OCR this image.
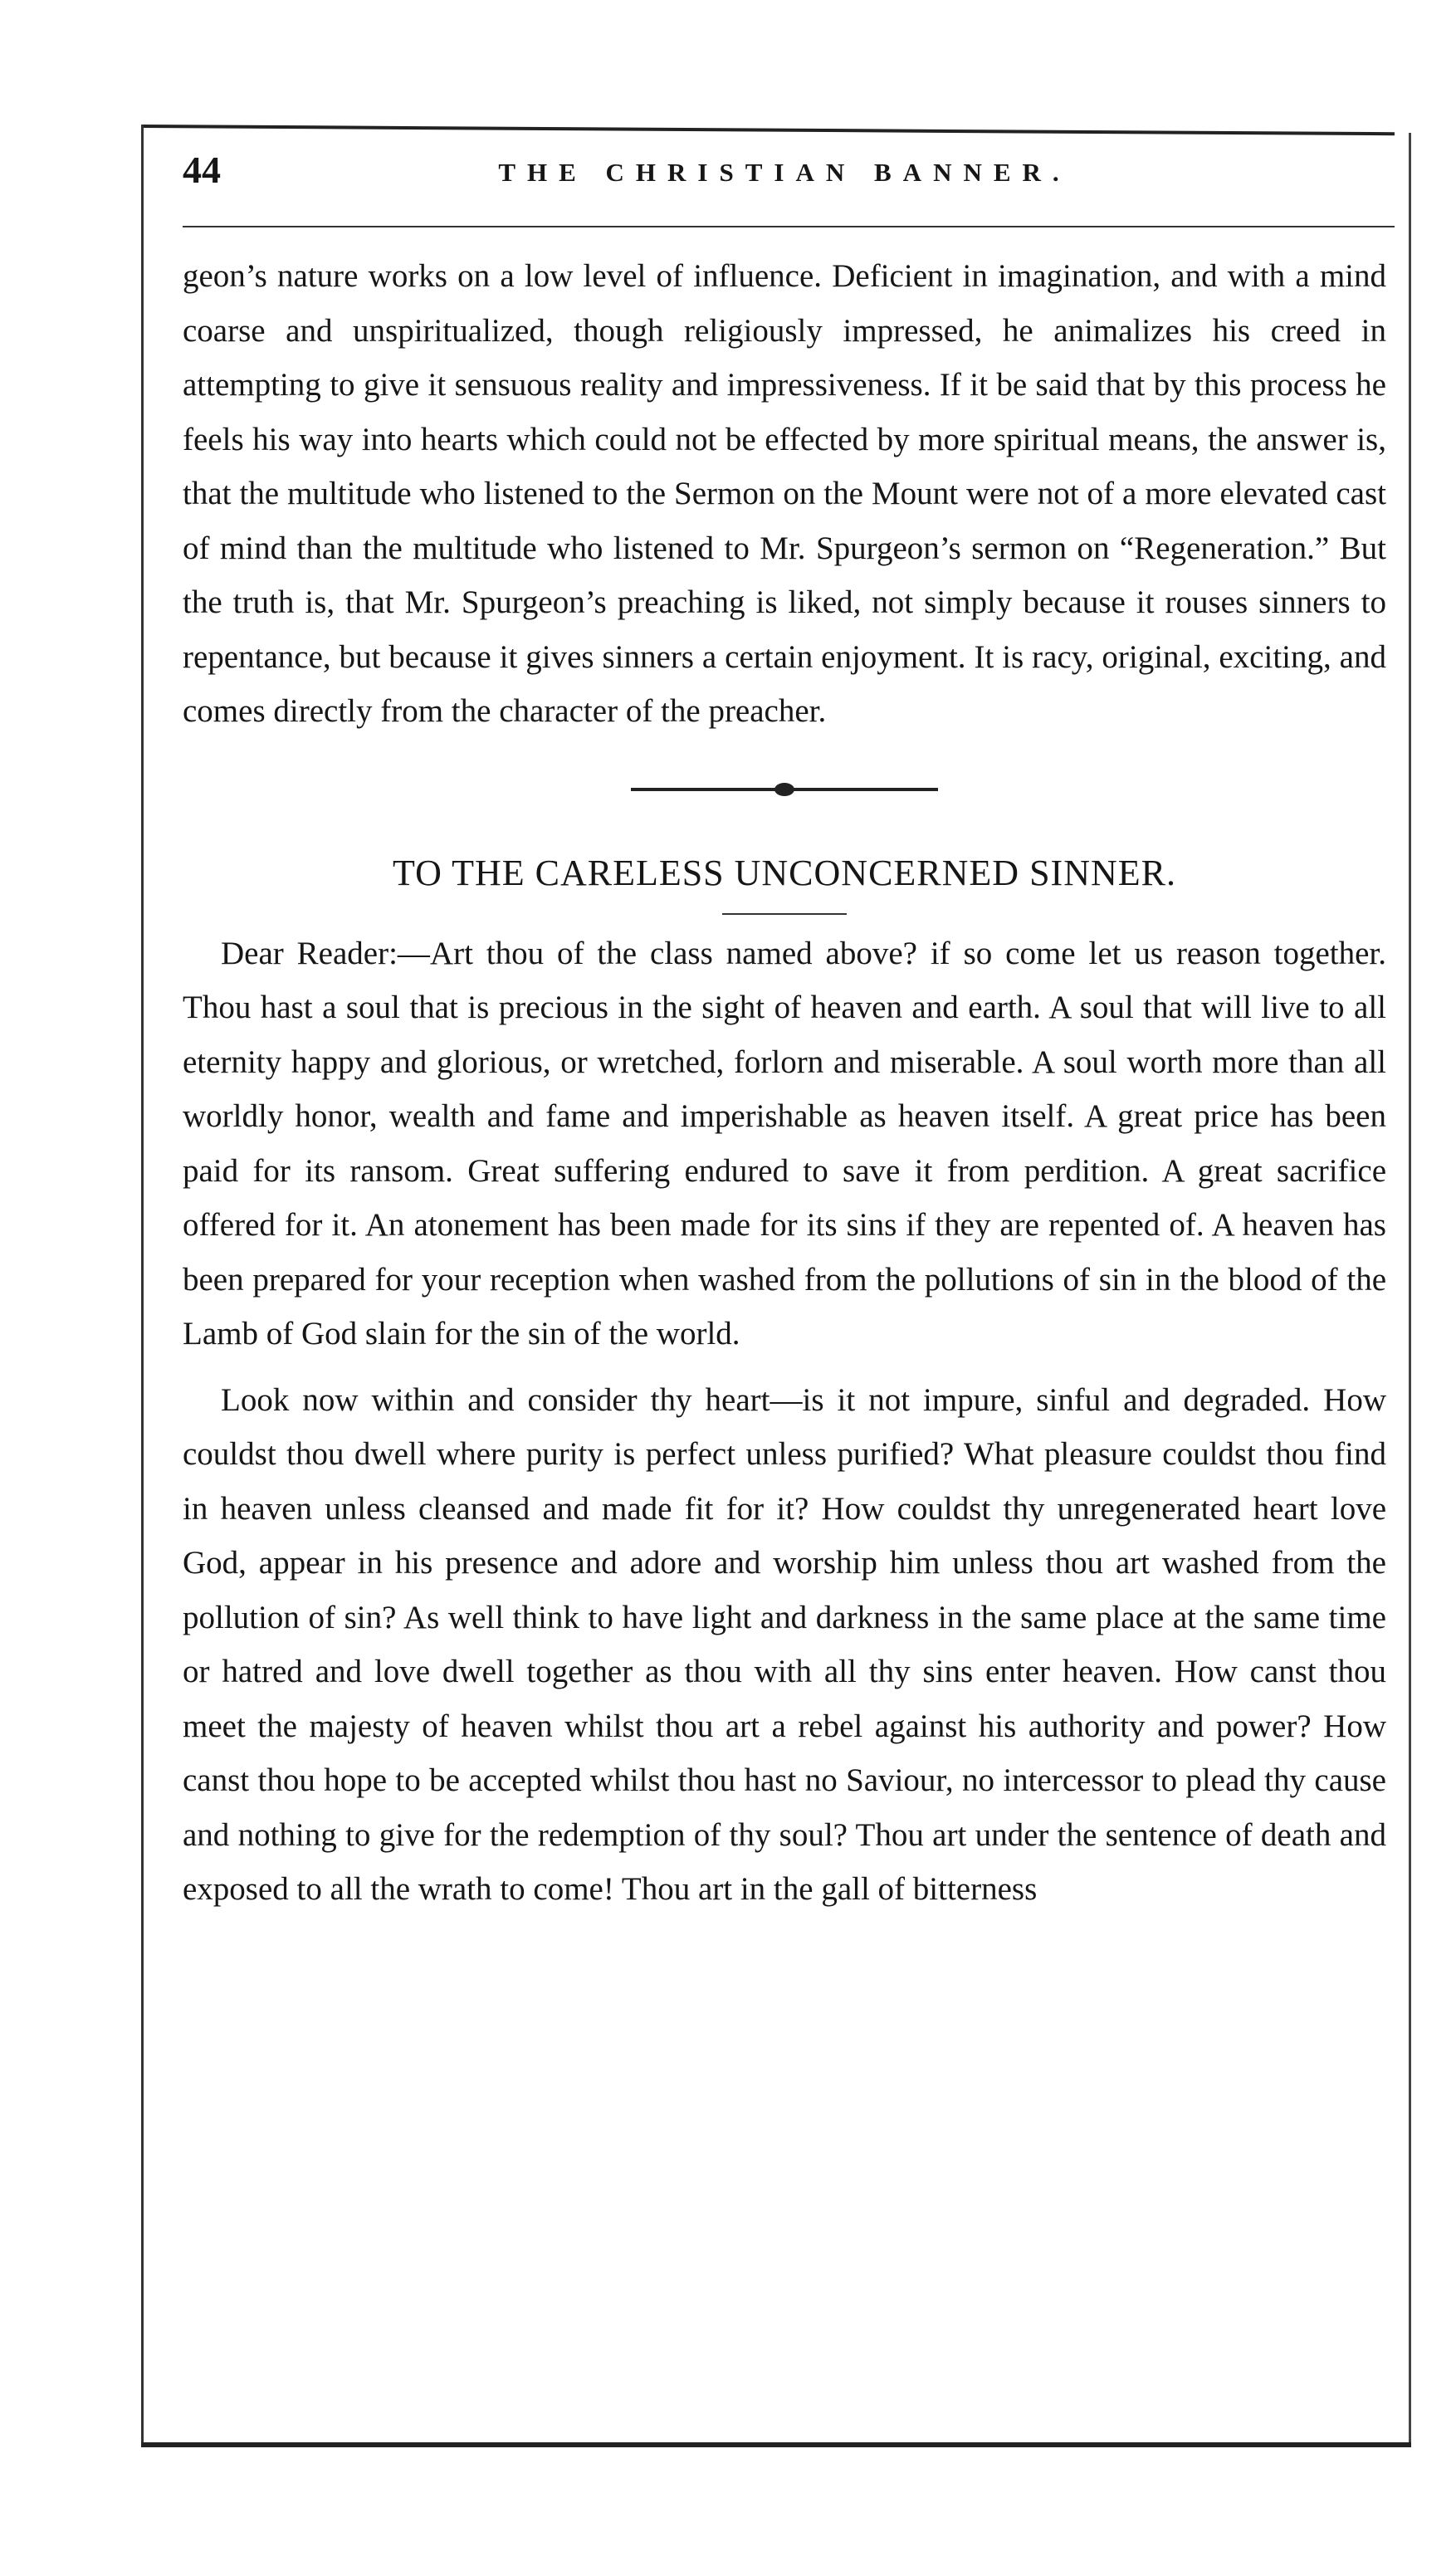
44	THE CHRISTIAN BANNER.

geon’s nature works on a low level of influence. Deficient in imagination, and with a mind coarse and unspiritualized, though religiously impressed, he animalizes his creed in attempting to give it sensuous reality and impressiveness. If it be said that by this process he feels his way into hearts which could not be effected by more spiritual means, the answer is, that the multitude who listened to the Sermon on the Mount were not of a more elevated cast of mind than the multitude who listened to Mr. Spurgeon’s sermon on “Regeneration.” But the truth is, that Mr. Spurgeon’s preaching is liked, not simply because it rouses sinners to repentance, but because it gives sinners a certain enjoyment. It is racy, original, exciting, and comes directly from the character of the preacher.

TO THE CARELESS UNCONCERNED SINNER.

Dear Reader:—Art thou of the class named above? if so come let us reason together. Thou hast a soul that is precious in the sight of heaven and earth. A soul that will live to all eternity happy and glorious, or wretched, forlorn and miserable. A soul worth more than all worldly honor, wealth and fame and imperishable as heaven itself. A great price has been paid for its ransom. Great suffering endured to save it from perdition. A great sacrifice offered for it. An atonement has been made for its sins if they are repented of. A heaven has been prepared for your reception when washed from the pollutions of sin in the blood of the Lamb of God slain for the sin of the world.

Look now within and consider thy heart—is it not impure, sinful and degraded. How couldst thou dwell where purity is perfect unless purified? What pleasure couldst thou find in heaven unless cleansed and made fit for it? How couldst thy unregenerated heart love God, appear in his presence and adore and worship him unless thou art washed from the pollution of sin? As well think to have light and darkness in the same place at the same time or hatred and love dwell together as thou with all thy sins enter heaven. How canst thou meet the majesty of heaven whilst thou art a rebel against his authority and power? How canst thou hope to be accepted whilst thou hast no Saviour, no intercessor to plead thy cause and nothing to give for the redemption of thy soul? Thou art under the sentence of death and exposed to all the wrath to come! Thou art in the gall of bitterness
